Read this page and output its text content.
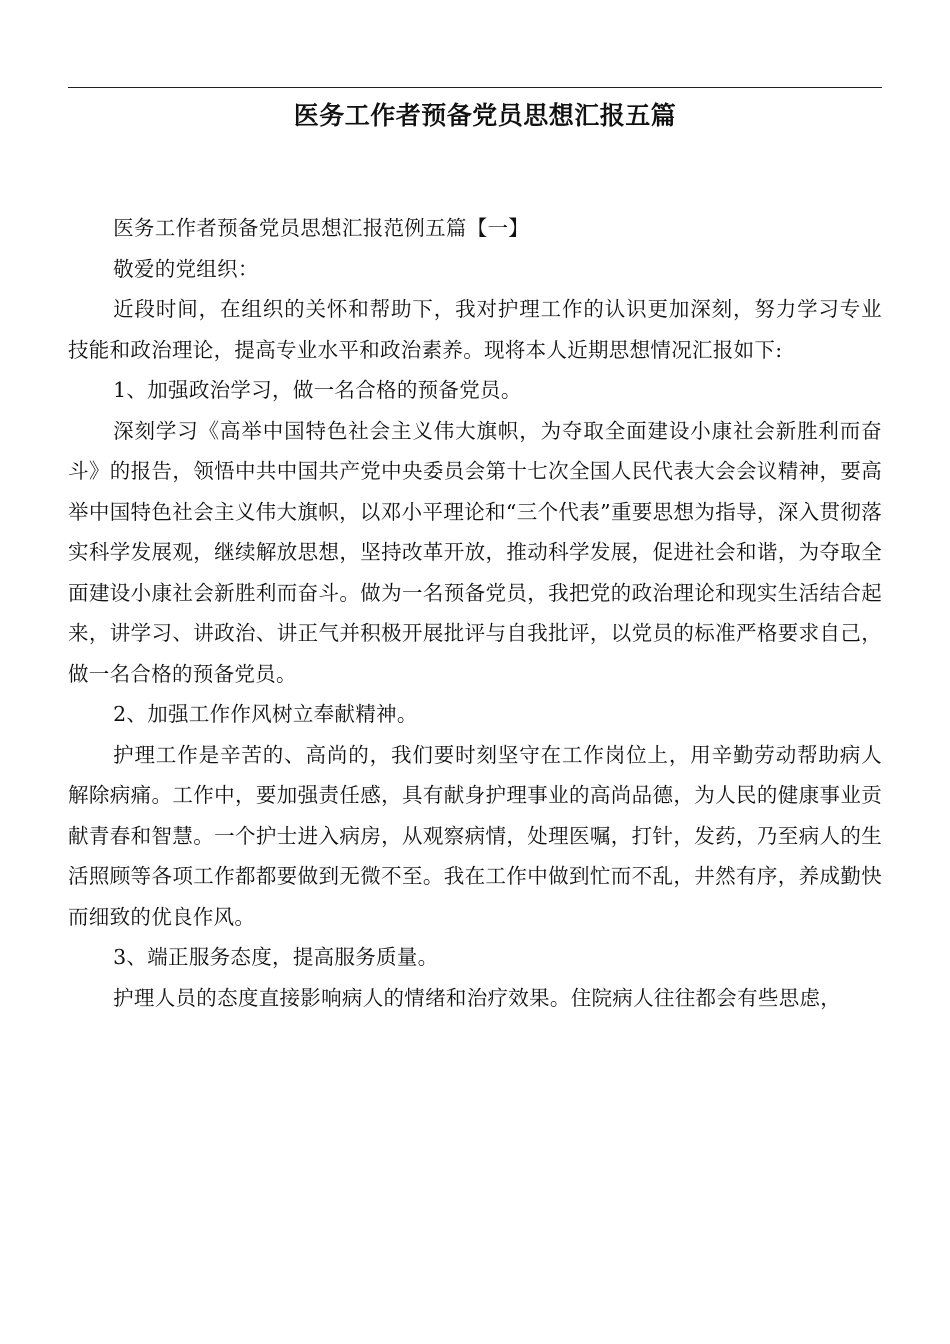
医务工作者预备党员思想汇报五篇

医务工作者预备党员思想汇报范例五篇【一】

敬爱的党组织：

近段时间，在组织的关怀和帮助下，我对护理工作的认识更加深刻，努力学习专业技能和政治理论，提高专业水平和政治素养。现将本人近期思想情况汇报如下:

1、加强政治学习，做一名合格的预备党员。

深刻学习《高举中国特色社会主义伟大旗帜，为夺取全面建设小康社会新胜利而奋斗》的报告，领悟中共中国共产党中央委员会第十七次全国人民代表大会会议精神，要高举中国特色社会主义伟大旗帜，以邓小平理论和“三个代表”重要思想为指导，深入贯彻落实科学发展观，继续解放思想，坚持改革开放，推动科学发展，促进社会和谐，为夺取全面建设小康社会新胜利而奋斗。做为一名预备党员，我把党的政治理论和现实生活结合起来，讲学习、讲政治、讲正气并积极开展批评与自我批评，以党员的标准严格要求自己，做一名合格的预备党员。

2、加强工作作风树立奉献精神。

护理工作是辛苦的、高尚的，我们要时刻坚守在工作岗位上，用辛勤劳动帮助病人解除病痛。工作中，要加强责任感，具有献身护理事业的高尚品德，为人民的健康事业贡献青春和智慧。一个护士进入病房，从观察病情，处理医嘱，打针，发药，乃至病人的生活照顾等各项工作都都要做到无微不至。我在工作中做到忙而不乱，井然有序，养成勤快而细致的优良作风。

3、端正服务态度，提高服务质量。

护理人员的态度直接影响病人的情绪和治疗效果。住院病人往往都会有些思虑，
